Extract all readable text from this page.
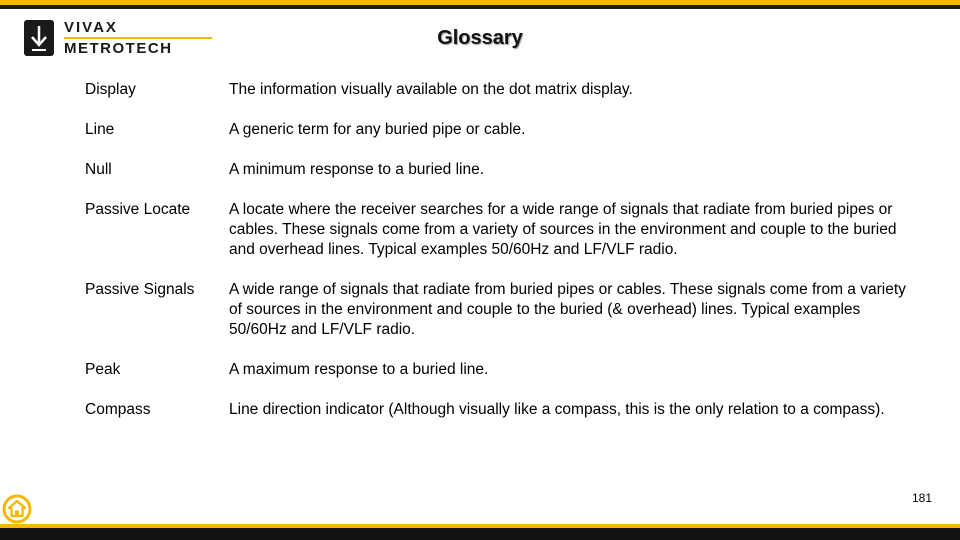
VIVAX
METROTECH	Glossary
Display	The information visually available on the dot matrix display.
Line	A generic term for any buried pipe or cable.
Null	A minimum response to a buried line.
Passive Locate	A locate where the receiver searches for a wide range of signals that radiate from buried pipes or cables. These signals come from a variety of sources in the environment and couple to the buried and overhead lines. Typical examples 50/60Hz and LF/VLF radio.
Passive Signals	A wide range of signals that radiate from buried pipes or cables. These signals come from a variety of sources in the environment and couple to the buried (& overhead) lines. Typical examples 50/60Hz and LF/VLF radio.
Peak	A maximum response to a buried line.
Compass	Line direction indicator (Although visually like a compass, this is the only relation to a compass).
181
